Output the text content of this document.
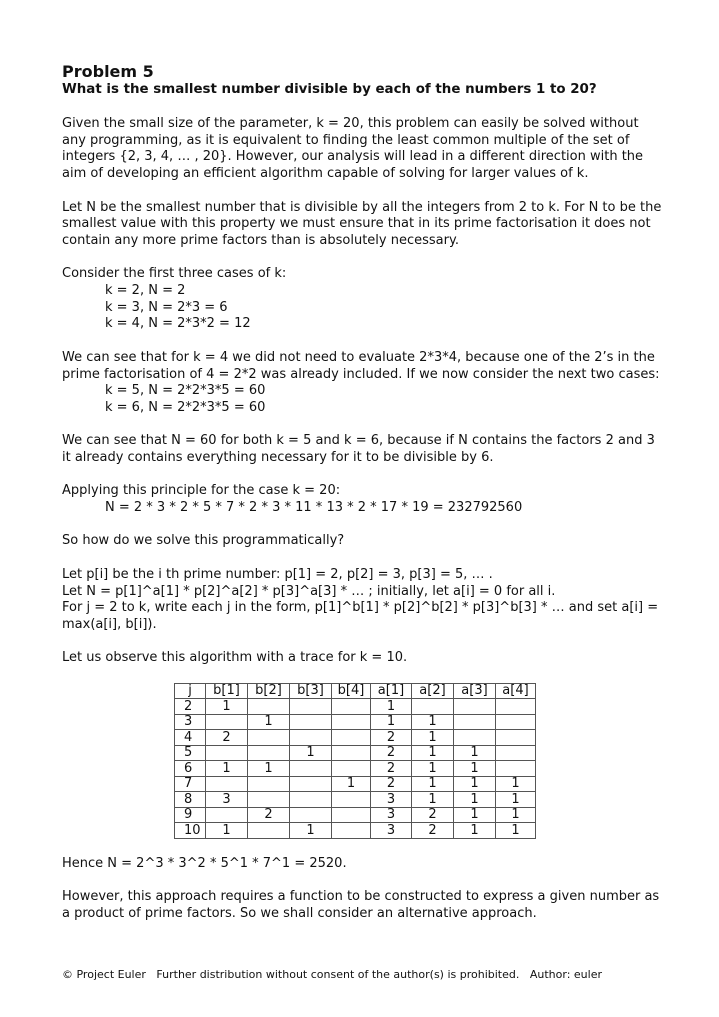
Problem 5
What is the smallest number divisible by each of the numbers 1 to 20?

Given the small size of the parameter, k = 20, this problem can easily be solved without any programming, as it is equivalent to finding the least common multiple of the set of integers {2, 3, 4, … , 20}. However, our analysis will lead in a different direction with the aim of developing an efficient algorithm capable of solving for larger values of k.

Let N be the smallest number that is divisible by all the integers from 2 to k. For N to be the smallest value with this property we must ensure that in its prime factorisation it does not contain any more prime factors than is absolutely necessary.

Consider the first three cases of k:
k = 2, N = 2
k = 3, N = 2*3 = 6
k = 4, N = 2*3*2 = 12
We can see that for k = 4 we did not need to evaluate 2*3*4, because one of the 2’s in the prime factorisation of 4 = 2*2 was already included. If we now consider the next two cases:
k = 5, N = 2*2*3*5 = 60
k = 6, N = 2*2*3*5 = 60

We can see that N = 60 for both k = 5 and k = 6, because if N contains the factors 2 and 3 it already contains everything necessary for it to be divisible by 6.

Applying this principle for the case k = 20:
N = 2 * 3 * 2 * 5 * 7 * 2 * 3 * 11 * 13 * 2 * 17 * 19 = 232792560

So how do we solve this programmatically?

Let p[i] be the i th prime number: p[1] = 2, p[2] = 3, p[3] = 5, … .
Let N = p[1]^a[1] * p[2]^a[2] * p[3]^a[3] * … ; initially, let a[i] = 0 for all i.
For j = 2 to k, write each j in the form, p[1]^b[1] * p[2]^b[2] * p[3]^b[3] * … and set a[i] = max(a[i], b[i]).

Let us observe this algorithm with a trace for k = 10.

j	b[1]	b[2]	b[3]	b[4]	a[1]	a[2]	a[3]	a[4]
2	1				1			
3		1			1	1		
4	2				2	1		
5			1		2	1	1	
6	1	1			2	1	1	
7				1	2	1	1	1
8	3				3	1	1	1
9		2			3	2	1	1
10	1		1		3	2	1	1

Hence N = 2^3 * 3^2 * 5^1 * 7^1 = 2520.

However, this approach requires a function to be constructed to express a given number as a product of prime factors. So we shall consider an alternative approach.

© Project Euler Further distribution without consent of the author(s) is prohibited. Author: euler
